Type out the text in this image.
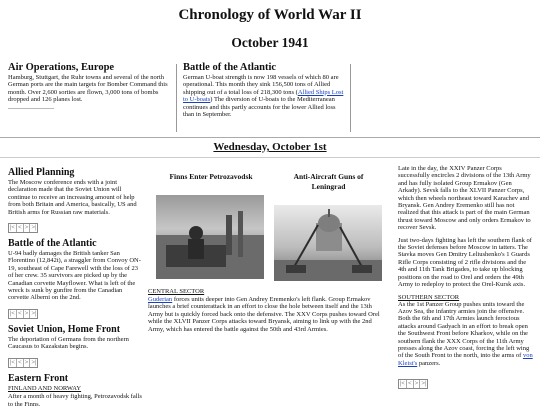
Chronology of World War II
October 1941
Air Operations, Europe

Hamburg, Stuttgart, the Ruhr towns and several of the north German ports are the main targets for Bomber Command this month. Over 2,600 sorties are flown, 3,000 tons of bombs dropped and 126 planes lost.

Battle of the Atlantic

German U-boat strength is now 198 vessels of which 80 are operational. This month they sink 156,500 tons of Allied shipping out of a total loss of 218,300 tons (Allied Ships Lost to U-boats) The diversion of U-boats to the Mediterranean continues and this partly accounts for the lower Allied loss than in September.

Wednesday, October 1st
Allied Planning

The Moscow conference ends with a joint declaration made that the Soviet Union will continue to receive an increasing amount of help from both Britain and America, basically, US and British arms for Russian raw materials.

|< < > >|
Battle of the Atlantic

U-94 badly damages the British tanker San Florentino (12,842t), a straggler from Convoy ON-19, southeast of Cape Farewell with the loss of 23 of her crew. 35 survivors are picked up by the Canadian corvette Mayflower. What is left of the wreck is sunk by gunfire from the Canadian corvette Alberni on the 2nd.

|< < > >|
Soviet Union, Home Front

The deportation of Germans from the northern Caucasus to Kazakstan begins.

|< < > >|
Eastern Front
FINLAND AND NORWAY

After a month of heavy fighting, Petrozavodsk falls to the Finns.

Finns Enter Petrozavodsk	Anti-Aircraft Guns of Leningrad
CENTRAL SECTOR

Guderian forces units deeper into Gen Andrey Eremenko's left flank. Group Ermakov launches a brief counterattack in an effort to close the hole between itself and the 13th Army but is quickly forced back onto the defensive. The XXV Corps pushes toward Orel while the XLVII Panzer Corps attacks toward Bryansk, aiming to link up with the 2nd Army, which has entered the battle against the 50th and 43rd Armies.

Late in the day, the XXIV Panzer Corps successfully encircles 2 divisions of the 13th Army and has fully isolated Group Ermakov (Gen Arkady). Sevsk falls to the XLVII Panzer Corps, which then wheels northeast toward Karachev and Bryansk. Gen Andrey Eremenko still has not realized that this attack is part of the main German thrust toward Moscow and only orders Ermakov to recover Sevsk.

Just two-days fighting has left the southern flank of the Soviet defenses before Moscow in tatters. The Stavka moves Gen Dmitry Leliushenko's 1 Guards Rifle Corps consisting of 2 rifle divisions and the 4th and 11th Tank Brigades, to take up blocking positions on the road to Orel and orders the 49th Army to redeploy to protect the Orel-Kursk axis.

SOUTHERN SECTOR

As the 1st Panzer Group pushes units toward the Azov Sea, the infantry armies join the offensive. Both the 6th and 17th Armies launch ferocious attacks around Gadyach in an effort to break open the Southwest Front before Kharkov, while on the southern flank the XXX Corps of the 11th Army presses along the Azov coast, forcing the left wing of the South Front to the north, into the arms of von Kleist's panzers.

|< < > >|
